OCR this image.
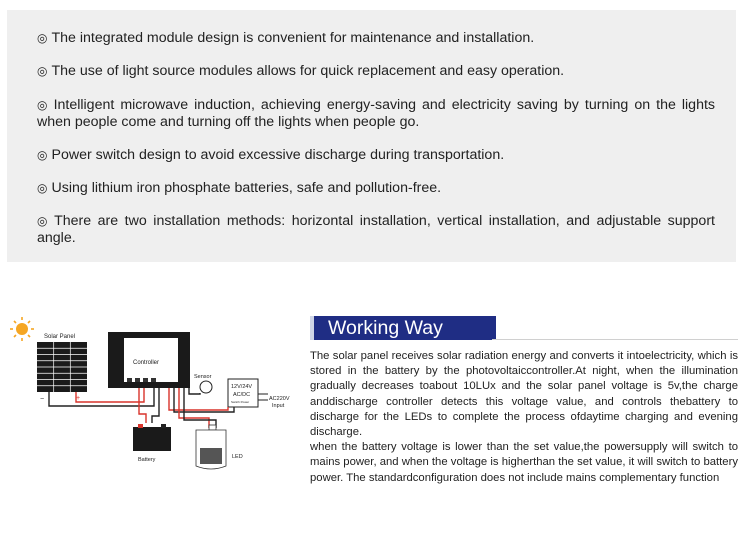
◎ The integrated module design is convenient for maintenance and installation.
◎ The use of light source modules allows for quick replacement and easy operation.
◎ Intelligent microwave induction, achieving energy-saving and electricity saving by turning on the lights when people come and turning off the lights when people go.
◎ Power switch design to avoid excessive discharge during transportation.
◎ Using lithium iron phosphate batteries, safe and pollution-free.
◎ There are two installation methods: horizontal installation, vertical installation, and adjustable support angle.
Solar Panel
Controller
Sensor
12V/24V
AC/DC
Switch Power	AC220V
Input
−	+
Battery	LED
Working Way

The solar panel receives solar radiation energy and converts it intoelectricity, which is stored in the battery by the photovoltaiccontroller.At night, when the illumination gradually decreases toabout 10LUx and the solar panel voltage is 5v,the charge anddischarge controller detects this voltage value, and controls thebattery to discharge for the LEDs to complete the process ofdaytime charging and evening discharge.

when the battery voltage is lower than the set value,the powersupply will switch to mains power, and when the voltage is higherthan the set value, it will switch to battery power. The standardconfiguration does not include mains complementary function
